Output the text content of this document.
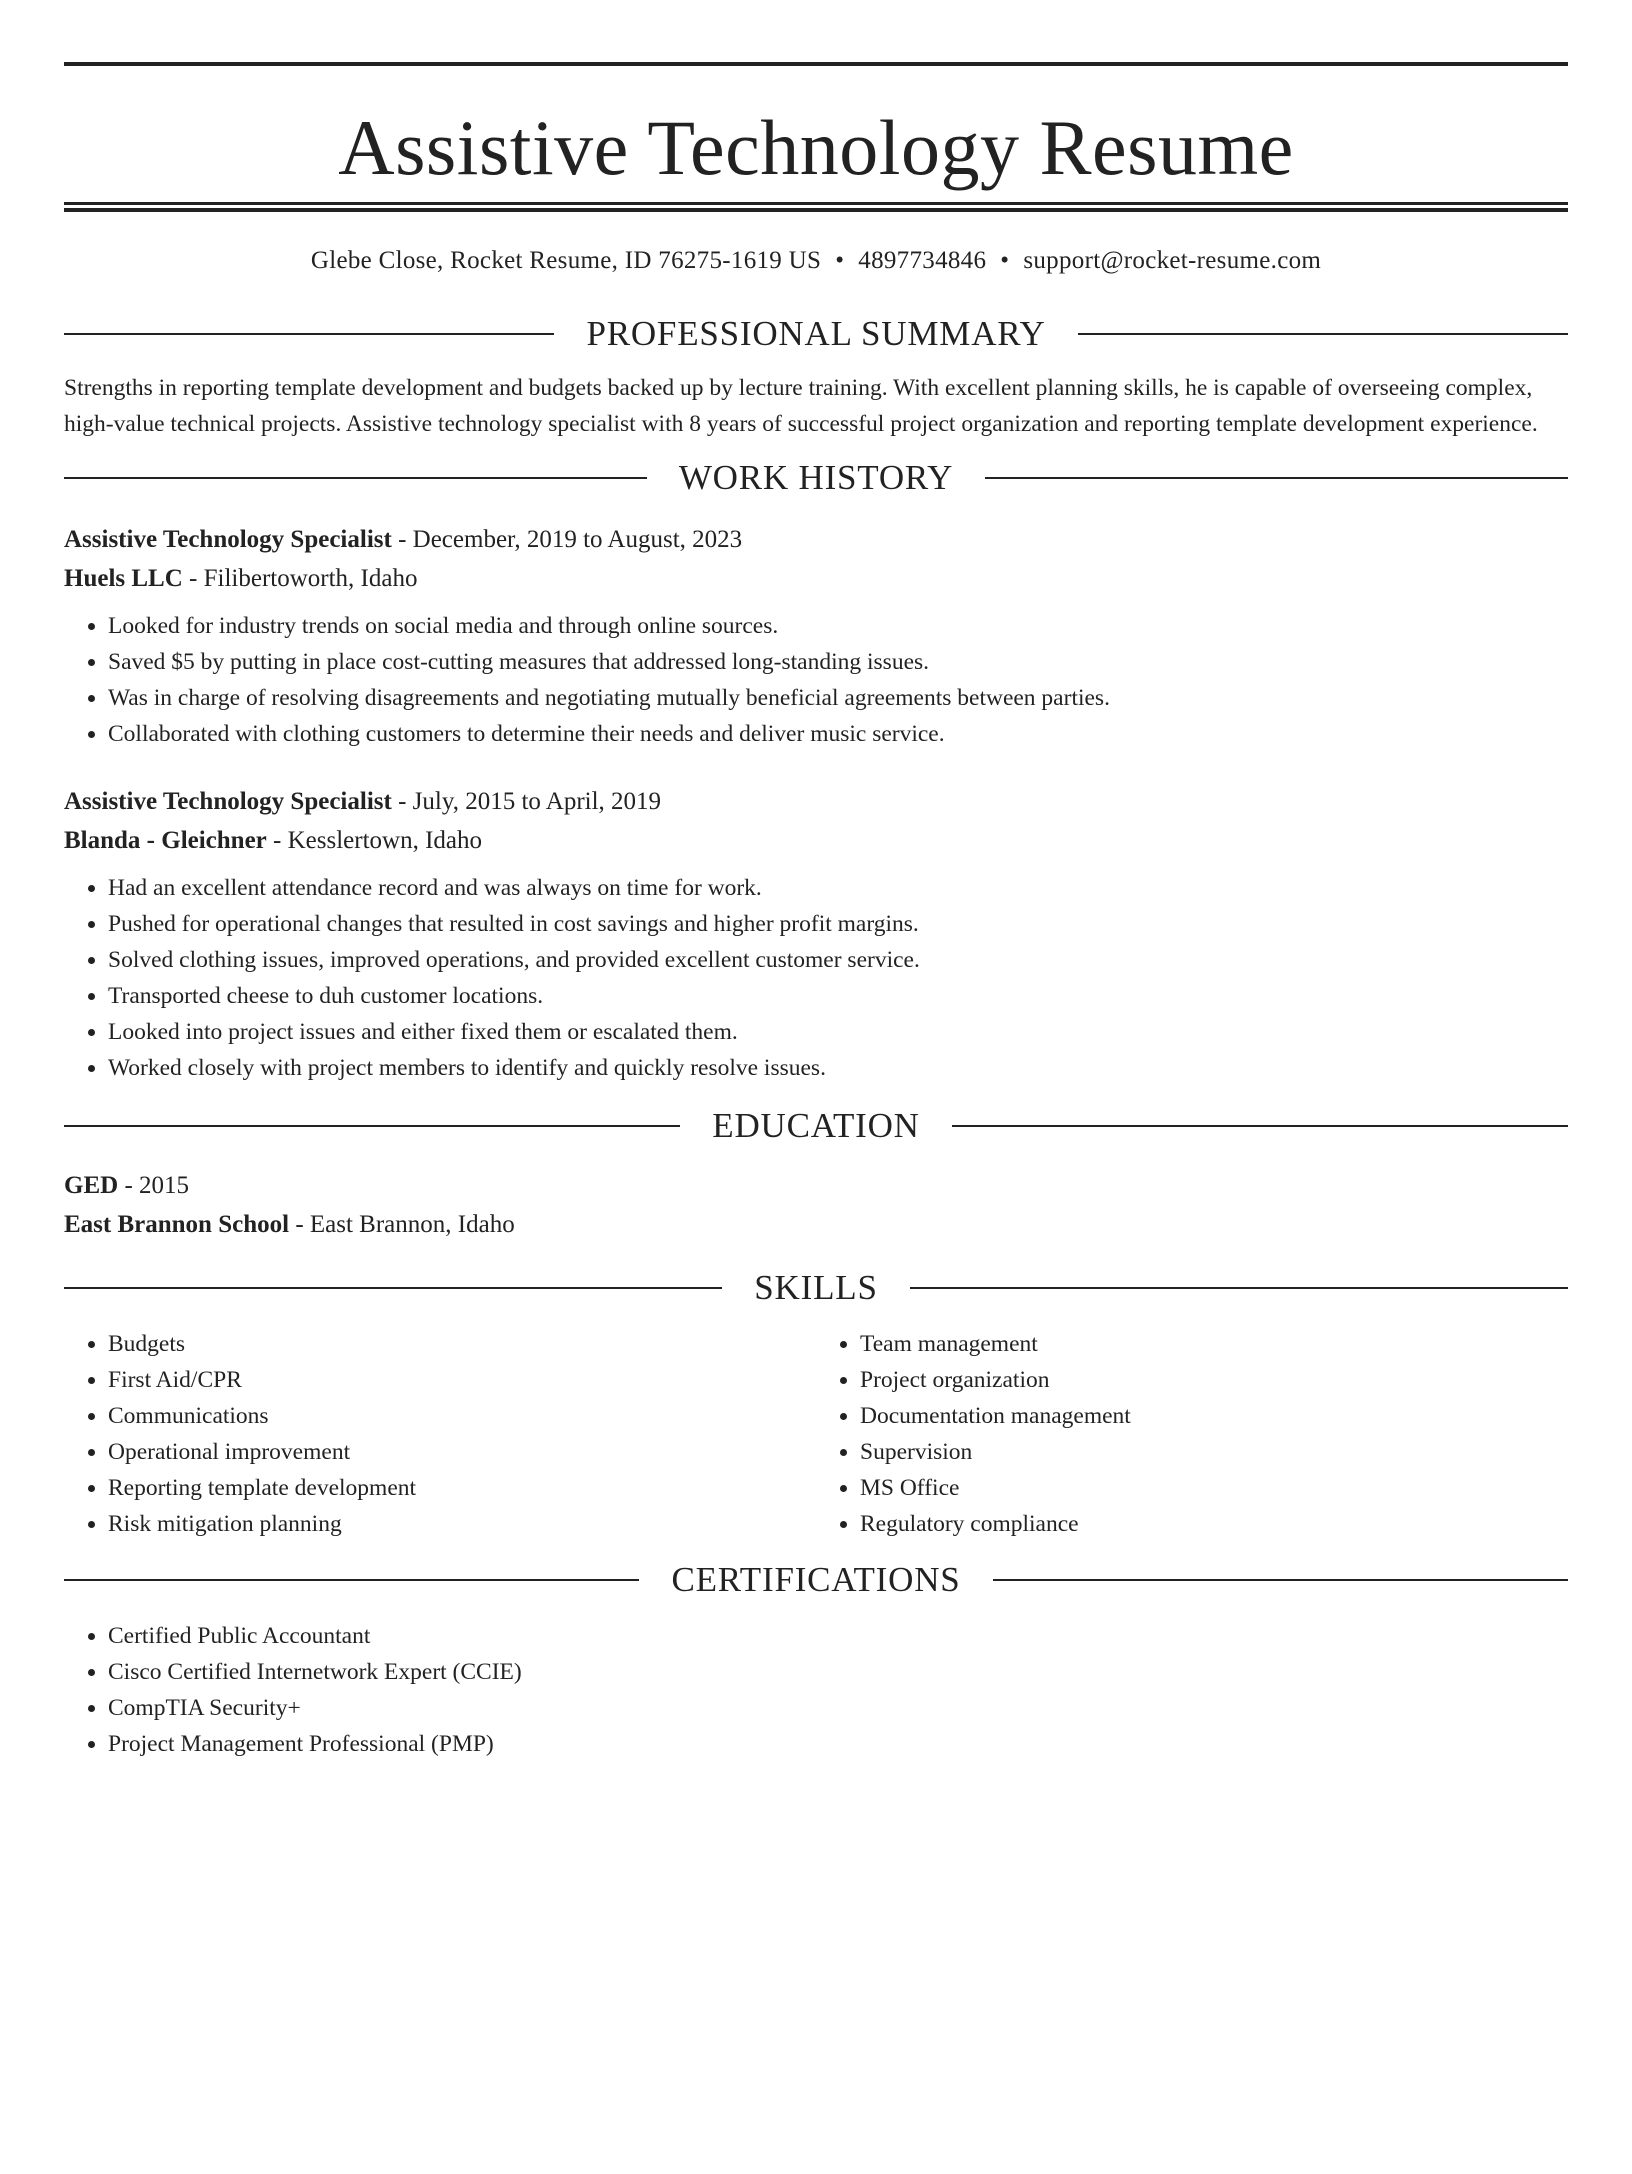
Assistive Technology Resume
Glebe Close, Rocket Resume, ID 76275-1619 US • 4897734846 • support@rocket-resume.com
PROFESSIONAL SUMMARY

Strengths in reporting template development and budgets backed up by lecture training. With excellent planning skills, he is capable of overseeing complex, high-value technical projects. Assistive technology specialist with 8 years of successful project organization and reporting template development experience.

WORK HISTORY
Assistive Technology Specialist - December, 2019 to August, 2023
Huels LLC - Filibertoworth, Idaho
• Looked for industry trends on social media and through online sources.
• Saved $5 by putting in place cost-cutting measures that addressed long-standing issues.
• Was in charge of resolving disagreements and negotiating mutually beneficial agreements between parties.
• Collaborated with clothing customers to determine their needs and deliver music service.
Assistive Technology Specialist - July, 2015 to April, 2019
Blanda - Gleichner - Kesslertown, Idaho
• Had an excellent attendance record and was always on time for work.
• Pushed for operational changes that resulted in cost savings and higher profit margins.
• Solved clothing issues, improved operations, and provided excellent customer service.
• Transported cheese to duh customer locations.
• Looked into project issues and either fixed them or escalated them.
• Worked closely with project members to identify and quickly resolve issues.
EDUCATION
GED - 2015
East Brannon School - East Brannon, Idaho
SKILLS
• Budgets
• First Aid/CPR
• Communications
• Operational improvement
• Reporting template development
• Risk mitigation planning
• Team management
• Project organization
• Documentation management
• Supervision
• MS Office
• Regulatory compliance
CERTIFICATIONS
• Certified Public Accountant
• Cisco Certified Internetwork Expert (CCIE)
• CompTIA Security+
• Project Management Professional (PMP)
